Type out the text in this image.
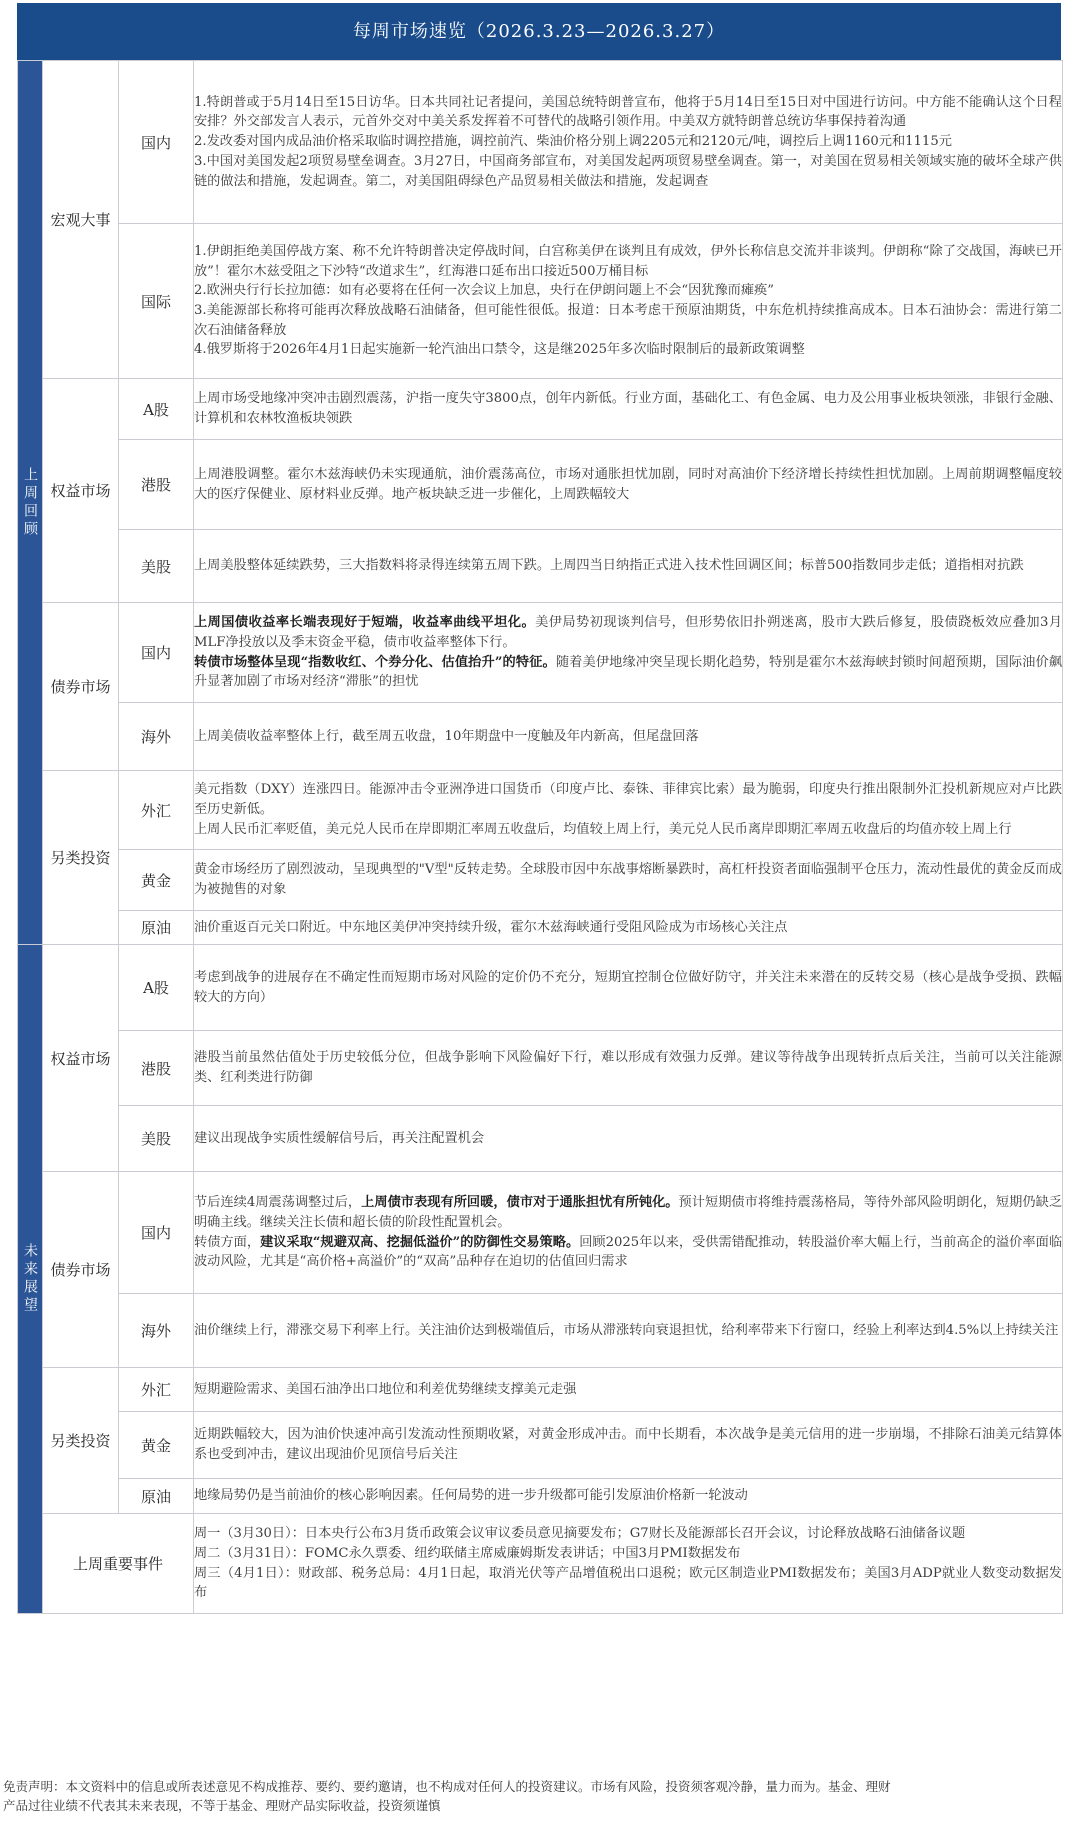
每周市场速览（2026.3.23—2026.3.27）
上周回顾	宏观大事	国内	1.特朗普或于5月14日至15日访华。日本共同社记者提问，美国总统特朗普宣布，他将于5月14日至15日对中国进行访问。中方能不能确认这个日程安排？外交部发言人表示，元首外交对中美关系发挥着不可替代的战略引领作用。中美双方就特朗普总统访华事保持着沟通

2.发改委对国内成品油价格采取临时调控措施，调控前汽、柴油价格分别上调2205元和2120元/吨，调控后上调1160元和1115元

3.中国对美国发起2项贸易壁垒调查。3月27日，中国商务部宣布，对美国发起两项贸易壁垒调查。第一，对美国在贸易相关领域实施的破坏全球产供链的做法和措施，发起调查。第二，对美国阻碍绿色产品贸易相关做法和措施，发起调查

		国际	1.伊朗拒绝美国停战方案、称不允许特朗普决定停战时间，白宫称美伊在谈判且有成效，伊外长称信息交流并非谈判。伊朗称“除了交战国，海峡已开放”！霍尔木兹受阻之下沙特“改道求生”，红海港口延布出口接近500万桶目标

2.欧洲央行行长拉加德：如有必要将在任何一次会议上加息，央行在伊朗问题上不会“因犹豫而瘫痪”

3.美能源部长称将可能再次释放战略石油储备，但可能性很低。报道：日本考虑干预原油期货，中东危机持续推高成本。日本石油协会：需进行第二次石油储备释放

4.俄罗斯将于2026年4月1日起实施新一轮汽油出口禁令，这是继2025年多次临时限制后的最新政策调整

	权益市场	A股	上周市场受地缘冲突冲击剧烈震荡，沪指一度失守3800点，创年内新低。行业方面，基础化工、有色金属、电力及公用事业板块领涨，非银行金融、计算机和农林牧渔板块领跌
		港股	上周港股调整。霍尔木兹海峡仍未实现通航，油价震荡高位，市场对通胀担忧加剧，同时对高油价下经济增长持续性担忧加剧。上周前期调整幅度较大的医疗保健业、原材料业反弹。地产板块缺乏进一步催化，上周跌幅较大
		美股	上周美股整体延续跌势，三大指数料将录得连续第五周下跌。上周四当日纳指正式进入技术性回调区间；标普500指数同步走低；道指相对抗跌
	债券市场	国内	上周国债收益率长端表现好于短端，收益率曲线平坦化。美伊局势初现谈判信号，但形势依旧扑朔迷离，股市大跌后修复，股债跷板效应叠加3月MLF净投放以及季末资金平稳，债市收益率整体下行。

转债市场整体呈现“指数收红、个券分化、估值抬升”的特征。随着美伊地缘冲突呈现长期化趋势，特别是霍尔木兹海峡封锁时间超预期，国际油价飙升显著加剧了市场对经济“滞胀”的担忧

		海外	上周美债收益率整体上行，截至周五收盘，10年期盘中一度触及年内新高，但尾盘回落
	另类投资	外汇	美元指数（DXY）连涨四日。能源冲击令亚洲净进口国货币（印度卢比、泰铢、菲律宾比索）最为脆弱，印度央行推出限制外汇投机新规应对卢比跌至历史新低。

上周人民币汇率贬值，美元兑人民币在岸即期汇率周五收盘后，均值较上周上行，美元兑人民币离岸即期汇率周五收盘后的均值亦较上周上行

		黄金	黄金市场经历了剧烈波动，呈现典型的"V型"反转走势。全球股市因中东战事熔断暴跌时，高杠杆投资者面临强制平仓压力，流动性最优的黄金反而成为被抛售的对象
		原油	油价重返百元关口附近。中东地区美伊冲突持续升级，霍尔木兹海峡通行受阻风险成为市场核心关注点

未来展望	权益市场	A股	考虑到战争的进展存在不确定性而短期市场对风险的定价仍不充分，短期宜控制仓位做好防守，并关注未来潜在的反转交易（核心是战争受损、跌幅较大的方向）
		港股	港股当前虽然估值处于历史较低分位，但战争影响下风险偏好下行，难以形成有效强力反弹。建议等待战争出现转折点后关注，当前可以关注能源类、红利类进行防御
		美股	建议出现战争实质性缓解信号后，再关注配置机会
	债券市场	国内	节后连续4周震荡调整过后，上周债市表现有所回暖，债市对于通胀担忧有所钝化。预计短期债市将维持震荡格局，等待外部风险明朗化，短期仍缺乏明确主线。继续关注长债和超长债的阶段性配置机会。

转债方面，建议采取“规避双高、挖掘低溢价”的防御性交易策略。回顾2025年以来，受供需错配推动，转股溢价率大幅上行，当前高企的溢价率面临波动风险，尤其是“高价格+高溢价”的“双高”品种存在迫切的估值回归需求

		海外	油价继续上行，滞涨交易下利率上行。关注油价达到极端值后，市场从滞涨转向衰退担忧，给利率带来下行窗口，经验上利率达到4.5%以上持续关注
	另类投资	外汇	短期避险需求、美国石油净出口地位和利差优势继续支撑美元走强
		黄金	近期跌幅较大，因为油价快速冲高引发流动性预期收紧，对黄金形成冲击。而中长期看，本次战争是美元信用的进一步崩塌，不排除石油美元结算体系也受到冲击，建议出现油价见顶信号后关注
		原油	地缘局势仍是当前油价的核心影响因素。任何局势的进一步升级都可能引发原油价格新一轮波动
	上周重要事件		周一（3月30日）：日本央行公布3月货币政策会议审议委员意见摘要发布；G7财长及能源部长召开会议，讨论释放战略石油储备议题

周二（3月31日）：FOMC永久票委、纽约联储主席威廉姆斯发表讲话；中国3月PMI数据发布

周三（4月1日）：财政部、税务总局：4月1日起，取消光伏等产品增值税出口退税；欧元区制造业PMI数据发布；美国3月ADP就业人数变动数据发布

免责声明：本文资料中的信息或所表述意见不构成推荐、要约、要约邀请，也不构成对任何人的投资建议。市场有风险，投资须客观冷静，量力而为。基金、理财

产品过往业绩不代表其未来表现，不等于基金、理财产品实际收益，投资须谨慎
